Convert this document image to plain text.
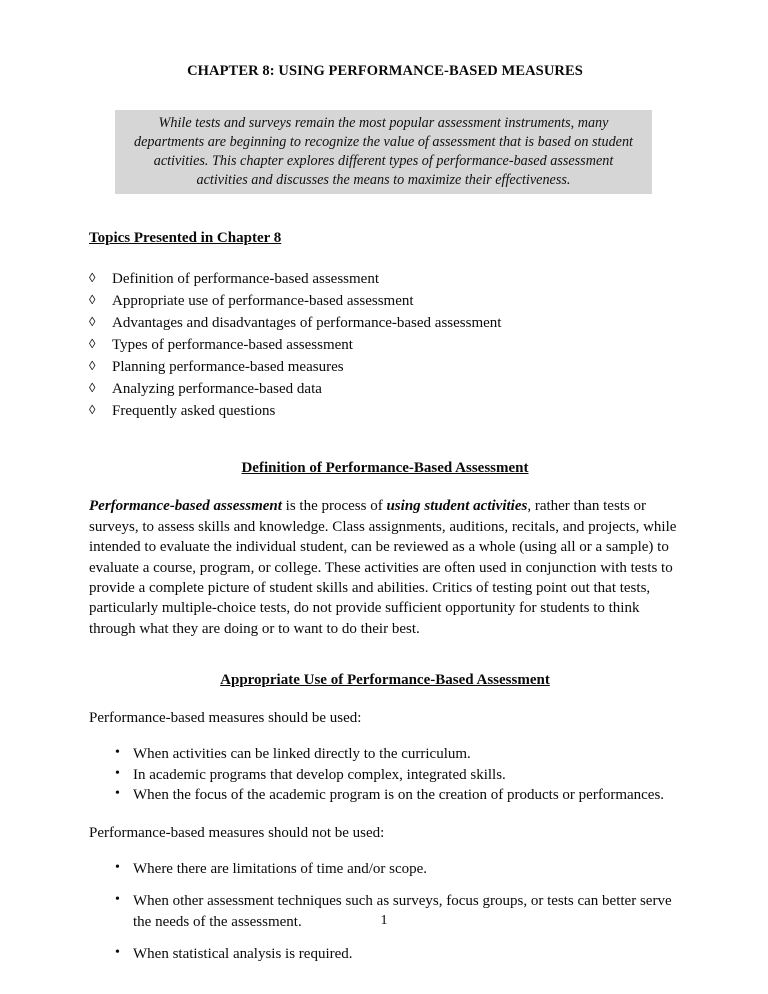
CHAPTER 8: USING PERFORMANCE-BASED MEASURES
While tests and surveys remain the most popular assessment instruments, many departments are beginning to recognize the value of assessment that is based on student activities. This chapter explores different types of performance-based assessment activities and discusses the means to maximize their effectiveness.
Topics Presented in Chapter 8
◊	Definition of performance-based assessment
◊	Appropriate use of performance-based assessment
◊	Advantages and disadvantages of performance-based assessment
◊	Types of performance-based assessment
◊	Planning performance-based measures
◊	Analyzing performance-based data
◊	Frequently asked questions
Definition of Performance-Based Assessment

Performance-based assessment is the process of using student activities, rather than tests or surveys, to assess skills and knowledge. Class assignments, auditions, recitals, and projects, while intended to evaluate the individual student, can be reviewed as a whole (using all or a sample) to evaluate a course, program, or college. These activities are often used in conjunction with tests to provide a complete picture of student skills and abilities. Critics of testing point out that tests, particularly multiple-choice tests, do not provide sufficient opportunity for students to think through what they are doing or to want to do their best.

Appropriate Use of Performance-Based Assessment

Performance-based measures should be used:

• When activities can be linked directly to the curriculum.
• In academic programs that develop complex, integrated skills.
• When the focus of the academic program is on the creation of products or performances.

Performance-based measures should not be used:

• Where there are limitations of time and/or scope.
• When other assessment techniques such as surveys, focus groups, or tests can better serve the needs of the assessment.
• When statistical analysis is required.
1
